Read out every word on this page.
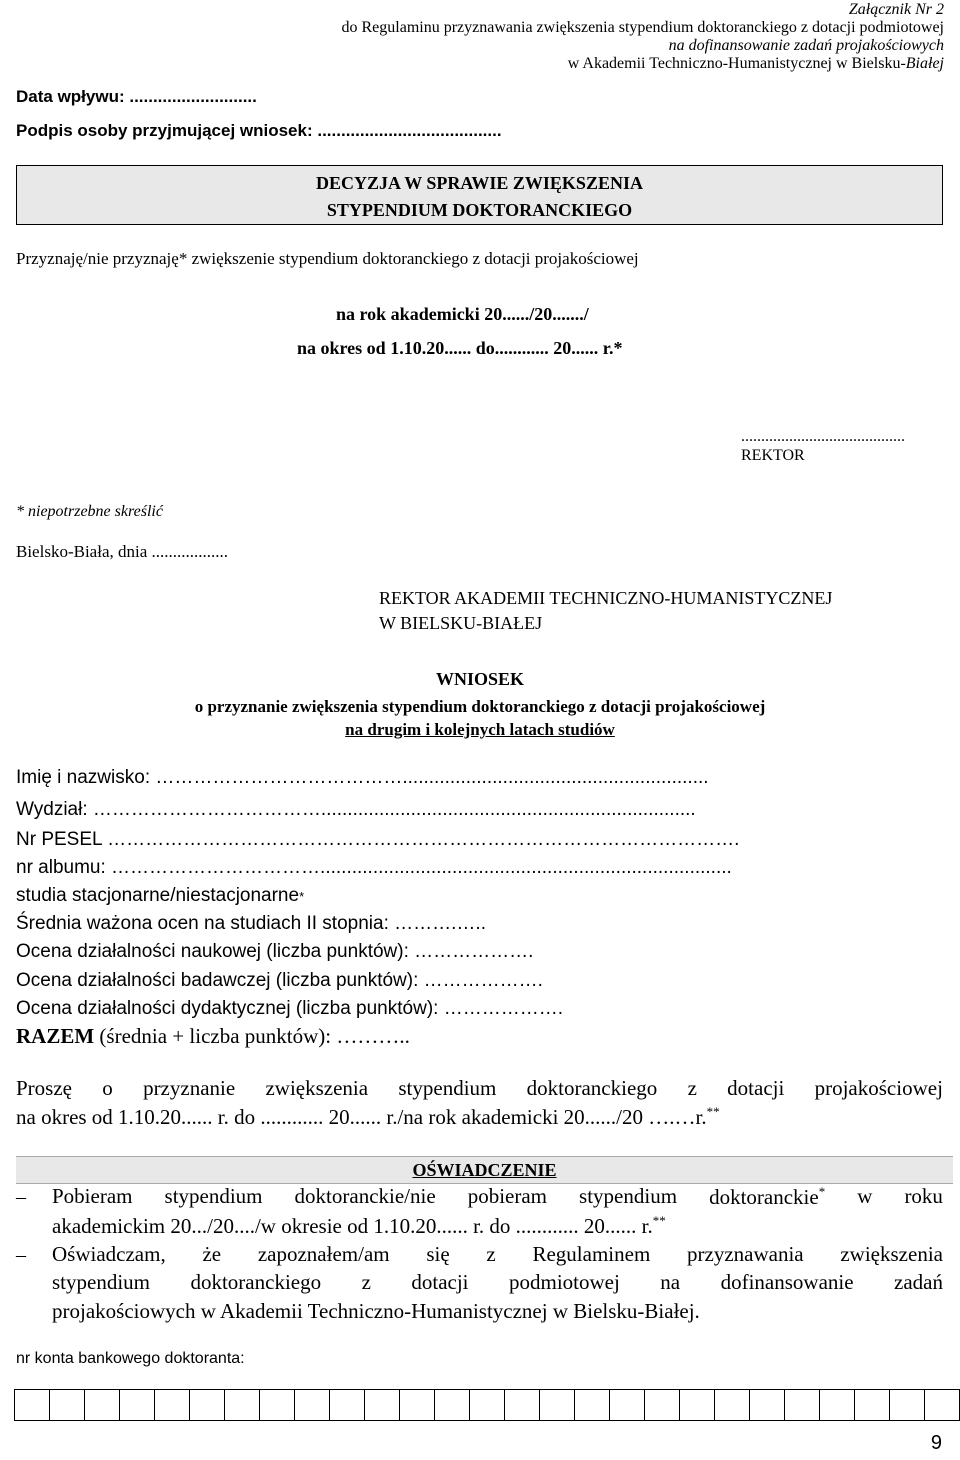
Załącznik Nr 2
do Regulaminu przyznawania zwiększenia stypendium doktoranckiego z dotacji podmiotowej
na dofinansowanie zadań projakościowych
w Akademii Techniczno-Humanistycznej w Bielsku-Białej
Data wpływu: ...........................
Podpis osoby przyjmującej wniosek: .......................................
DECYZJA W SPRAWIE ZWIĘKSZENIA
STYPENDIUM DOKTORANCKIEGO
Przyznaję/nie przyznaję* zwiększenie stypendium doktoranckiego z dotacji projakościowej
na rok akademicki 20....../20......./
na okres od 1.10.20...... do............ 20...... r.*
.........................................
REKTOR
* niepotrzebne skreślić
Bielsko-Biała, dnia ..................
REKTOR AKADEMII TECHNICZNO-HUMANISTYCZNEJ
W BIELSKU-BIAŁEJ
WNIOSEK
o przyznanie zwiększenia stypendium doktoranckiego z dotacji projakościowej
na drugim i kolejnych latach studiów
Imię i nazwisko: …………………………………..........................................................
Wydział: ……………………………….......................................................................
Nr PESEL ……………………………………………………………………………………….
nr albumu: ……………………………..............................................................................
studia stacjonarne/niestacjonarne*
Średnia ważona ocen na studiach II stopnia: ……….…..
Ocena działalności naukowej (liczba punktów): ……………….
Ocena działalności badawczej (liczba punktów): ……………….
Ocena działalności dydaktycznej (liczba punktów): ……………….
RAZEM (średnia + liczba punktów): ………..
Proszę o przyznanie zwiększenia stypendium doktoranckiego z dotacji projakościowej
na okres od 1.10.20...... r. do ............ 20...... r./na rok akademicki 20....../20 ….…r.**
OŚWIADCZENIE
–	Pobieram stypendium doktoranckie/nie pobieram stypendium doktoranckie* w roku
akademickim 20.../20..../w okresie od 1.10.20...... r. do ............ 20...... r.**
–	Oświadczam, że zapoznałem/am się z Regulaminem przyznawania zwiększenia
stypendium doktoranckiego z dotacji podmiotowej na dofinansowanie zadań
projakościowych w Akademii Techniczno-Humanistycznej w Bielsku-Białej.
nr konta bankowego doktoranta:

9
